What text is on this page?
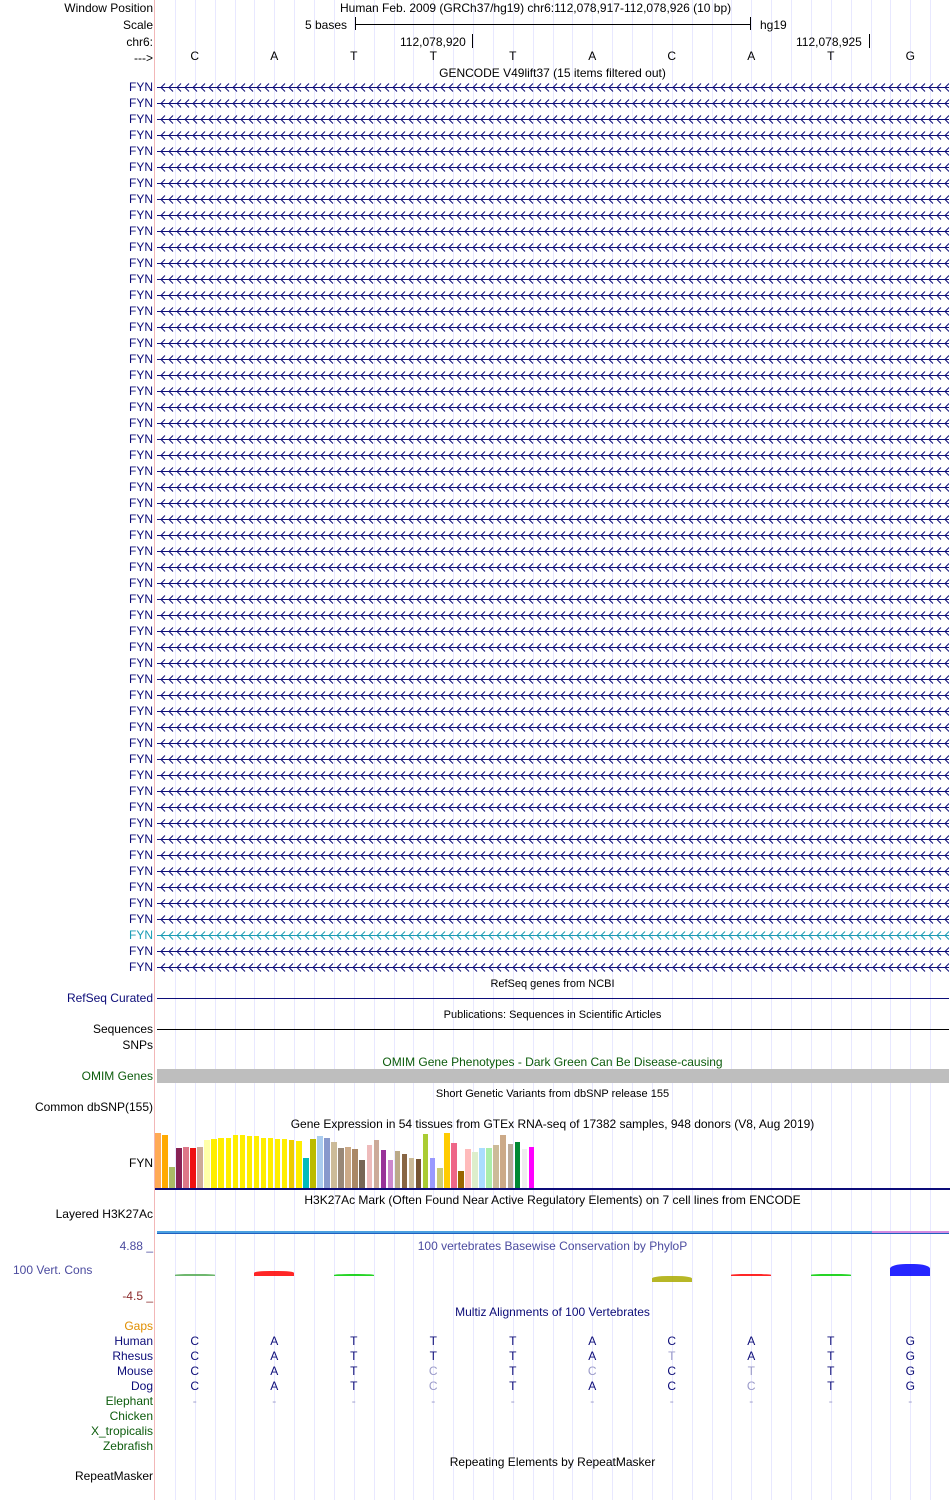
Window Position
Scale
chr6:
--->
Human Feb. 2009 (GRCh37/hg19) chr6:112,078,917-112,078,926 (10 bp)
5 bases	hg19
112,078,920	112,078,925
C	A	T	T	T	A	C	A	T	G
GENCODE V49lift37 (15 items filtered out)
FYN
FYN
FYN
FYN
FYN
FYN
FYN
FYN
FYN
FYN
FYN
FYN
FYN
FYN
FYN
FYN
FYN
FYN
FYN
FYN
FYN
FYN
FYN
FYN
FYN
FYN
FYN
FYN
FYN
FYN
FYN
FYN
FYN
FYN
FYN
FYN
FYN
FYN
FYN
FYN
FYN
FYN
FYN
FYN
FYN
FYN
FYN
FYN
FYN
FYN
FYN
FYN
FYN
FYN
FYN
FYN
RefSeq genes from NCBI
RefSeq Curated
Publications: Sequences in Scientific Articles
Sequences
SNPs
OMIM Gene Phenotypes - Dark Green Can Be Disease-causing
OMIM Genes
Short Genetic Variants from dbSNP release 155
Common dbSNP(155)
Gene Expression in 54 tissues from GTEx RNA-seq of 17382 samples, 948 donors (V8, Aug 2019)
FYN
H3K27Ac Mark (Often Found Near Active Regulatory Elements) on 7 cell lines from ENCODE
Layered H3K27Ac
4.88 _	100 vertebrates Basewise Conservation by PhyloP
100 Vert. Cons
-4.5 _
Multiz Alignments of 100 Vertebrates
Gaps
Human	C	A	T	T	T	A	C	A	T	G
Rhesus	C	A	T	T	T	A	T	A	T	G
Mouse	C	A	T	C	T	C	C	T	T	G
Dog	C	A	T	C	T	A	C	C	T	G
Elephant	-	-	-	-	-	-	-	-	-	-
Chicken
X_tropicalis
Zebrafish
Repeating Elements by RepeatMasker
RepeatMasker
